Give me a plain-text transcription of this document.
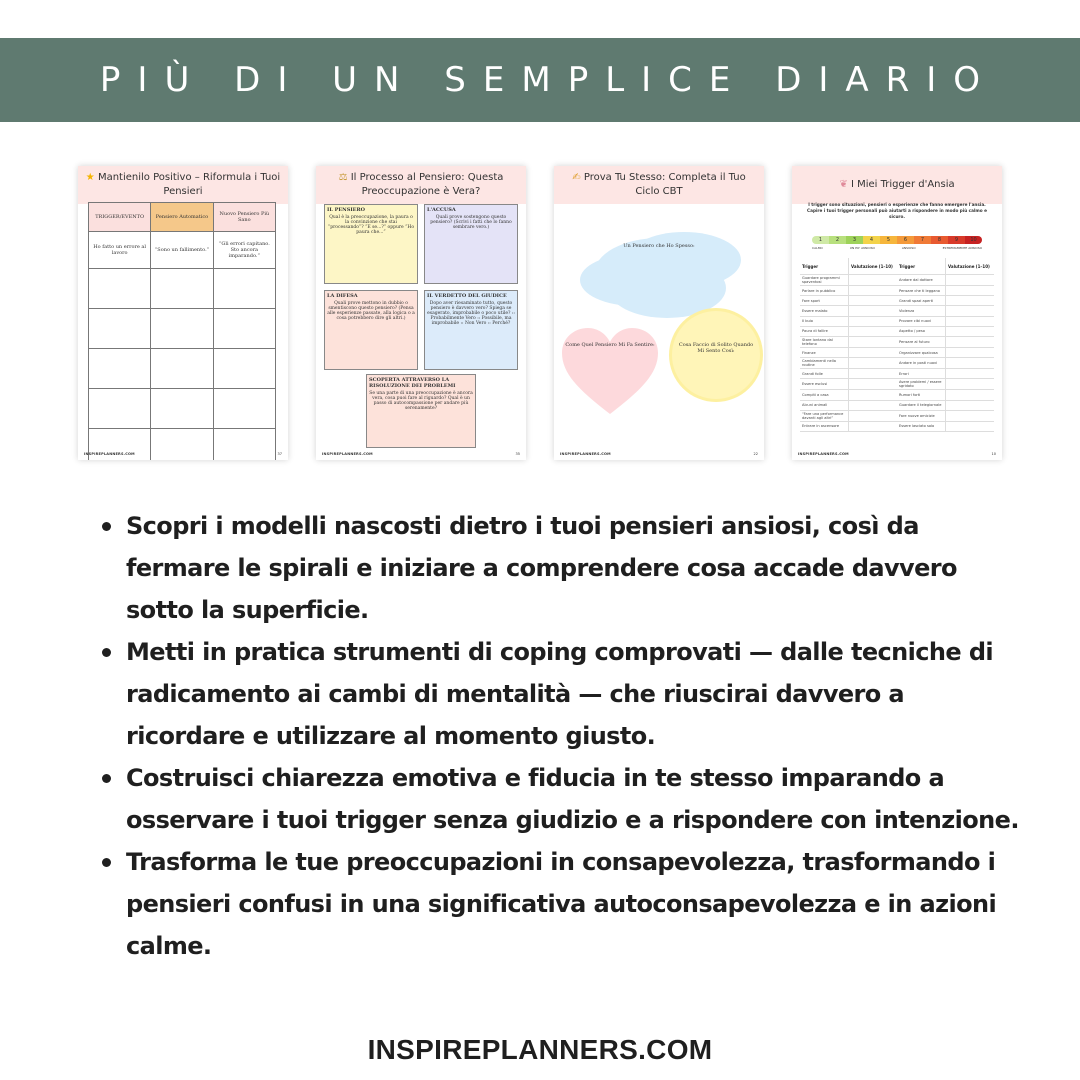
PIÙ DI UN SEMPLICE DIARIO
★ Mantienilo Positivo – Riformula i Tuoi Pensieri
TRIGGER/EVENTO	Pensiero Automatico	Nuovo Pensiero Più Sano
Ho fatto un errore al lavoro	“Sono un fallimento.”	“Gli errori capitano. Sto ancora imparando.”

INSPIREPLANNERS.COM	37
⚖ Il Processo al Pensiero: Questa Preoccupazione è Vera?
IL PENSIERO
Qual è la preoccupazione, la paura o la convinzione che stai “processando”? “E se...?” oppure “Ho paura che...”
L'ACCUSA
Quali prove sostengono questo pensiero? (Scrivi i fatti che lo fanno sembrare vero.)
LA DIFESA
Quali prove mettono in dubbio o smentiscono questo pensiero? (Pensa alle esperienze passate, alla logica o a cosa potrebbero dire gli altri.)
IL VERDETTO DEL GIUDICE
Dopo aver riesaminato tutto, questo pensiero è davvero vero? Spiega se esagerato, improbabile o poco utile? :: Probabilmente Vero :: Possibile, ma improbabile :: Non Vero :: Perché?
SCOPERTA ATTRAVERSO LA RISOLUZIONE DEI PROBLEMI
Se una parte di una preoccupazione è ancora vera, cosa puoi fare al riguardo? Qual è un passo di autocompassione per andare più serenamente?
INSPIREPLANNERS.COM	35
✍ Prova Tu Stesso: Completa il Tuo Ciclo CBT
Un Pensiero che Ho Spesso:
Come Quel Pensiero Mi Fa Sentire:	Cosa Faccio di Solito Quando Mi Sento Così:
INSPIREPLANNERS.COM	22
❦ I Miei Trigger d'Ansia
I trigger sono situazioni, pensieri o esperienze che fanno emergere l'ansia. Capire i tuoi trigger personali può aiutarti a rispondere in modo più calmo e sicuro.
1	2	3	4	5	6	7	8	9	10
CALMO	UN PO' ANSIOSO	ANSIOSO	ESTREMAMENTE ANSIOSO
Trigger	Valutazione (1–10)	Trigger	Valutazione (1–10)
Guardare programmi spaventosi		Andare dal dottore	
Parlare in pubblico		Pensare che ti leggano	
Fare sport		Grandi spazi aperti	
Essere malato		Violenza	
Il buio		Provare cibi nuovi	
Paura di fallire		Aspetto / peso	
Stare lontano dal telefono		Pensare al futuro	
Finanze		Organizzare qualcosa	
Cambiamenti nella routine		Andare in posti nuovi	
Grandi folle		Errori	
Essere esclusi		Avere problemi / essere sgridato	
Compiti a casa		Rumori forti	
Alcuni animali		Guardare il telegiornale	
“Fare una performance davanti agli altri”		Fare nuove amicizie	
Entrare in ascensore		Essere lasciato solo	
INSPIREPLANNERS.COM	10
Scopri i modelli nascosti dietro i tuoi pensieri ansiosi, così da fermare le spirali e iniziare a comprendere cosa accade davvero sotto la superficie.
Metti in pratica strumenti di coping comprovati — dalle tecniche di radicamento ai cambi di mentalità — che riuscirai davvero a ricordare e utilizzare al momento giusto.
Costruisci chiarezza emotiva e fiducia in te stesso imparando a osservare i tuoi trigger senza giudizio e a rispondere con intenzione.
Trasforma le tue preoccupazioni in consapevolezza, trasformando i pensieri confusi in una significativa autoconsapevolezza e in azioni calme.
INSPIREPLANNERS.COM
